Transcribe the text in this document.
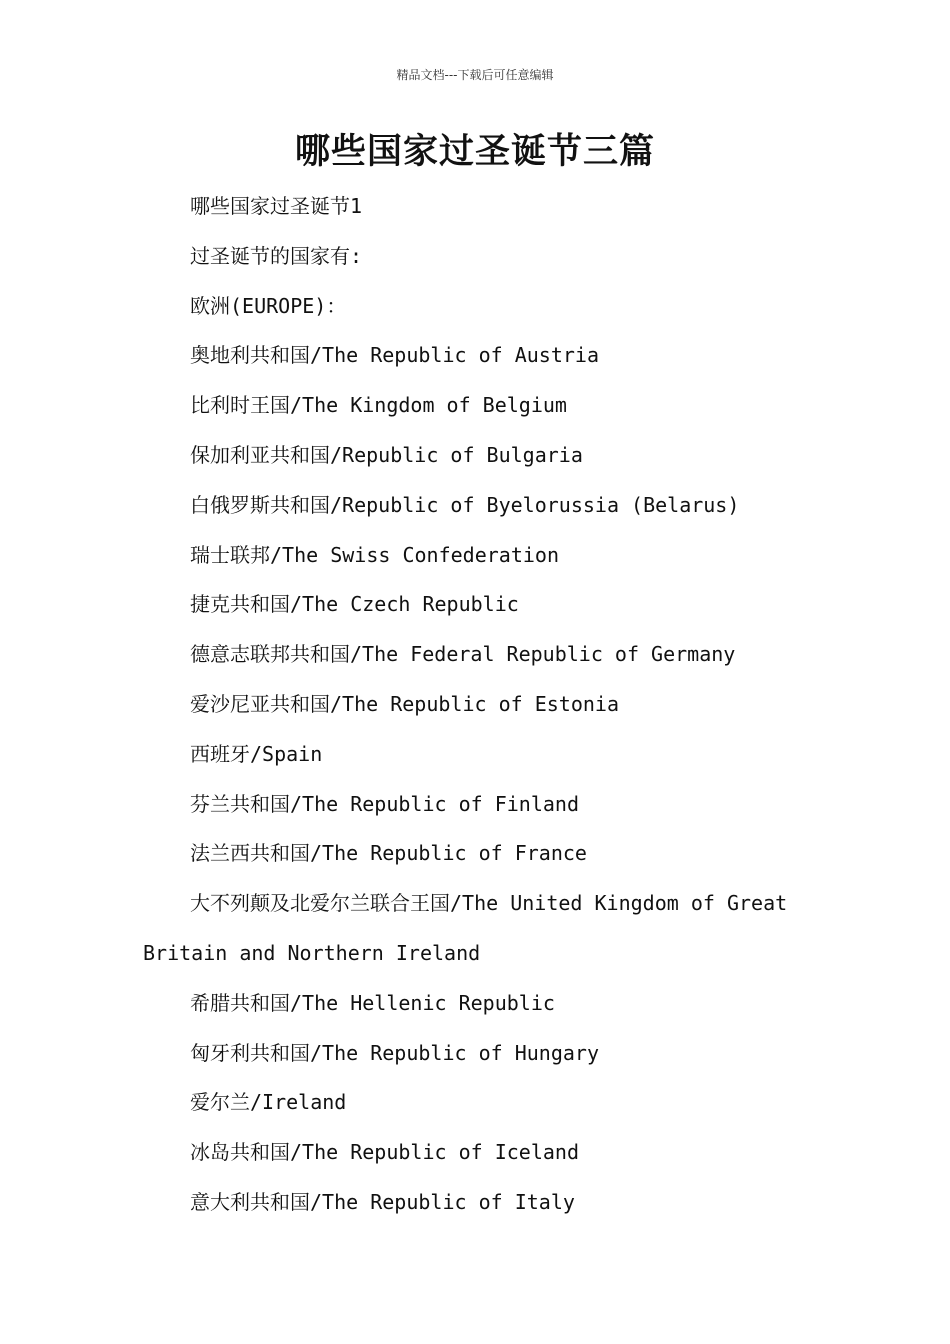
精品文档---下载后可任意编辑
哪些国家过圣诞节三篇

哪些国家过圣诞节1

过圣诞节的国家有:

欧洲(EUROPE)：

奥地利共和国/The Republic of Austria

比利时王国/The Kingdom of Belgium

保加利亚共和国/Republic of Bulgaria

白俄罗斯共和国/Republic of Byelorussia (Belarus)

瑞士联邦/The Swiss Confederation

捷克共和国/The Czech Republic

德意志联邦共和国/The Federal Republic of Germany

爱沙尼亚共和国/The Republic of Estonia

西班牙/Spain

芬兰共和国/The Republic of Finland

法兰西共和国/The Republic of France

大不列颠及北爱尔兰联合王国/The United Kingdom of Great Britain and Northern Ireland

希腊共和国/The Hellenic Republic

匈牙利共和国/The Republic of Hungary

爱尔兰/Ireland

冰岛共和国/The Republic of Iceland

意大利共和国/The Republic of Italy
